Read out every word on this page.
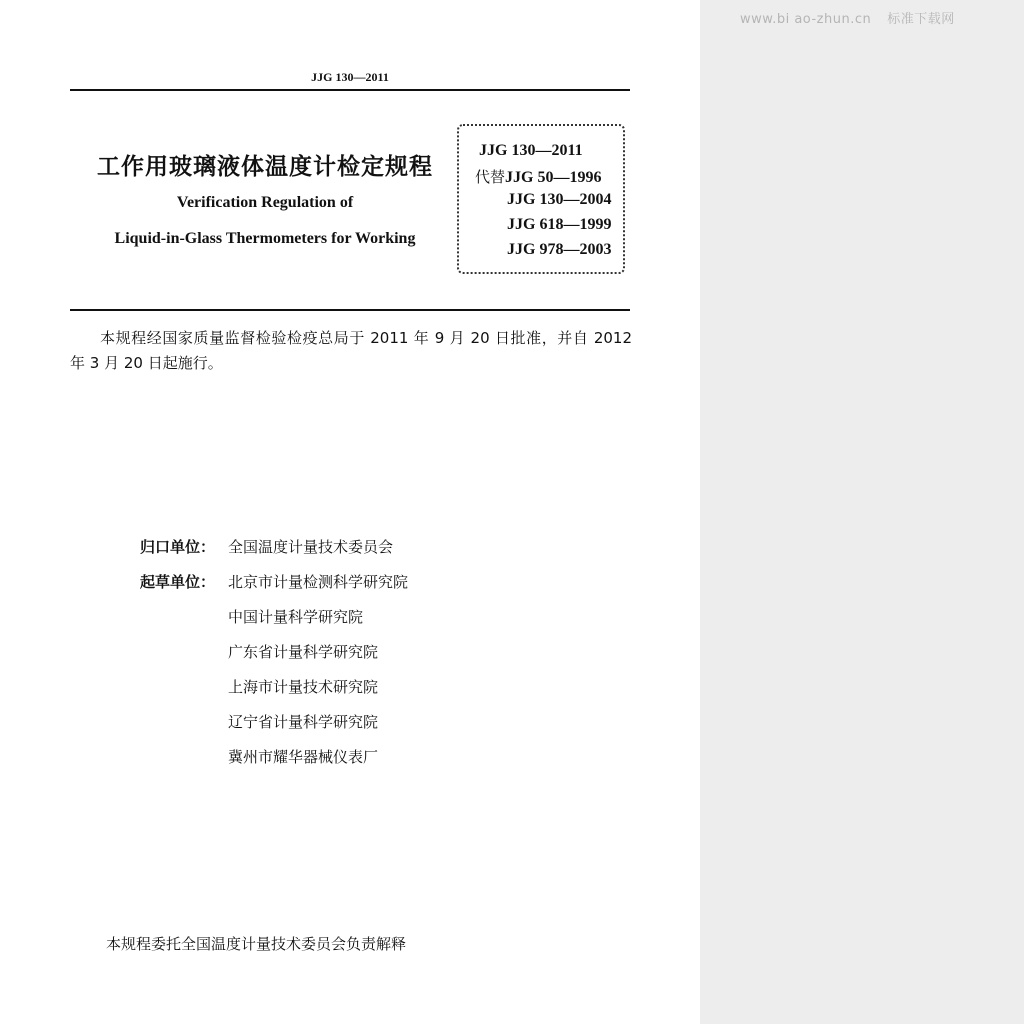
www.bi ao-zhun.cn 标准下载网
JJG 130—2011
工作用玻璃液体温度计检定规程
Verification Regulation of
Liquid-in-Glass Thermometers for Working
JJG 130—2011
代替JJG 50—1996
JJG 130—2004
JJG 618—1999
JJG 978—2003
本规程经国家质量监督检验检疫总局于 2011 年 9 月 20 日批准，并自 2012 年 3 月 20 日起施行。
归口单位： 全国温度计量技术委员会
起草单位： 北京市计量检测科学研究院
中国计量科学研究院
广东省计量科学研究院
上海市计量技术研究院
辽宁省计量科学研究院
冀州市耀华器械仪表厂
本规程委托全国温度计量技术委员会负责解释
